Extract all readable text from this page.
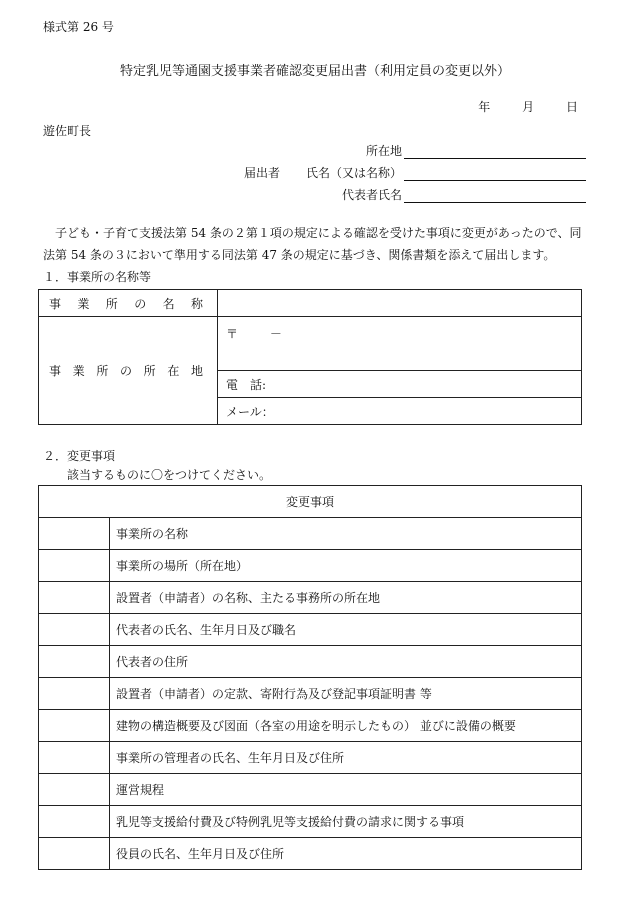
様式第 26 号
特定乳児等通園支援事業者確認変更届出書（利用定員の変更以外）
年	月	日
遊佐町長
届出者
所在地
氏名（又は名称）
代表者氏名

子ども・子育て支援法第 54 条の２第１項の規定による確認を受けた事項に変更があったので、同法第 54 条の３において準用する同法第 47 条の規定に基づき、関係書類を添えて届出します。

１．事業所の名称等
事 業 所 の 名 称	
事 業 所 の 所 在 地	〒 －
	電　話:
	メール：
２．変更事項
該当するものに〇をつけてください。
変更事項	
	事業所の名称
	事業所の場所（所在地）
	設置者（申請者）の名称、主たる事務所の所在地
	代表者の氏名、生年月日及び職名
	代表者の住所
	設置者（申請者）の定款、寄附行為及び登記事項証明書 等
	建物の構造概要及び図面（各室の用途を明示したもの） 並びに設備の概要
	事業所の管理者の氏名、生年月日及び住所
	運営規程
	乳児等支援給付費及び特例乳児等支援給付費の請求に関する事項
	役員の氏名、生年月日及び住所
